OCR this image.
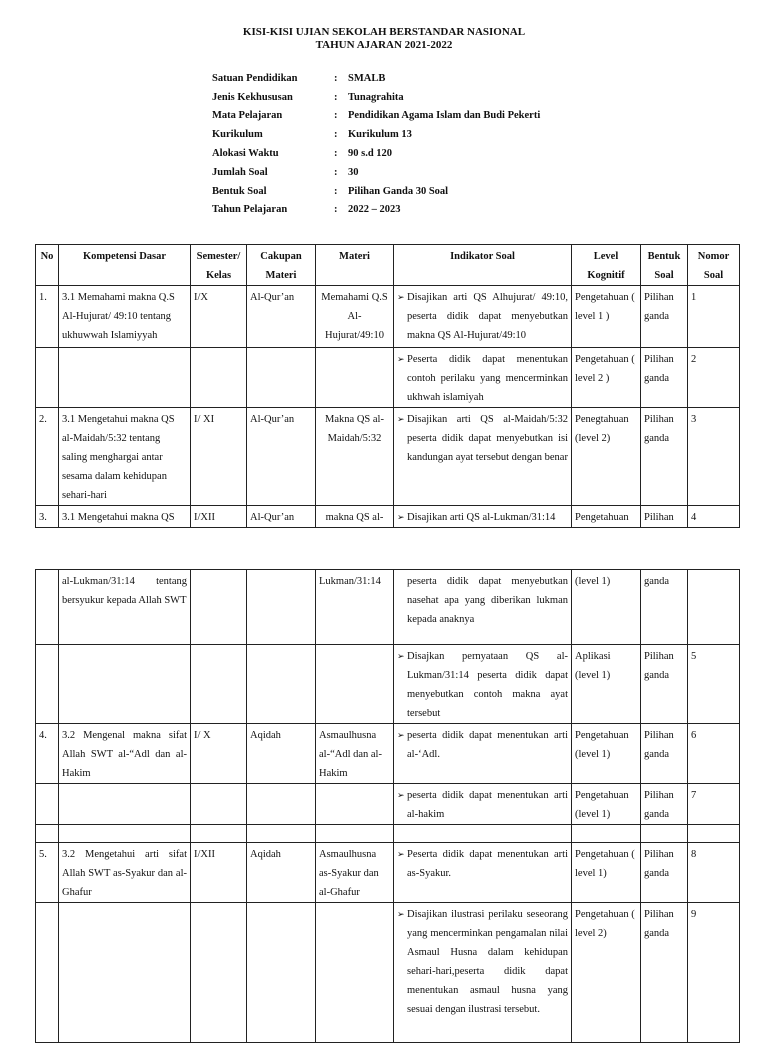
KISI-KISI UJIAN SEKOLAH BERSTANDAR NASIONAL
TAHUN AJARAN 2021-2022
Satuan Pendidikan	:	SMALB
Jenis Kekhususan	:	Tunagrahita
Mata Pelajaran	:	Pendidikan Agama Islam dan Budi Pekerti
Kurikulum	:	Kurikulum 13
Alokasi Waktu	:	90 s.d 120
Jumlah Soal	:	30
Bentuk Soal	:	Pilihan Ganda 30 Soal
Tahun Pelajaran	:	2022 – 2023
No	Kompetensi Dasar	Semester/ Kelas	Cakupan Materi	Materi	Indikator Soal	Level Kognitif	Bentuk Soal	Nomor Soal
1.	3.1 Memahami makna Q.S Al-Hujurat/ 49:10 tentang ukhuwwah Islamiyyah	I/X	Al-Qur’an	Memahami Q.S Al-Hujurat/49:10	➢ Disajikan arti QS Alhujurat/ 49:10, peserta didik dapat menyebutkan makna QS Al-Hujurat/49:10	Pengetahuan ( level 1 )	Pilihan ganda	1

					➢ Peserta didik dapat menentukan contoh perilaku yang mencerminkan ukhwah islamiyah	Pengetahuan ( level 2 )	Pilihan ganda	2
2.	3.1 Mengetahui makna QS al-Maidah/5:32 tentang saling menghargai antar sesama dalam kehidupan sehari-hari	I/ XI	Al-Qur’an	Makna QS al-Maidah/5:32	➢ Disajikan arti QS al-Maidah/5:32 peserta didik dapat menyebutkan isi kandungan ayat tersebut dengan benar	Penegtahuan (level 2)	Pilihan ganda	3
3.	3.1 Mengetahui makna QS	I/XII	Al-Qur’an	makna QS al-	➢ Disajikan arti QS al-Lukman/31:14	Pengetahuan	Pilihan	4
	al-Lukman/31:14 tentang bersyukur kepada Allah SWT			Lukman/31:14	peserta didik dapat menyebutkan nasehat apa yang diberikan lukman kepada anaknya	(level 1)	ganda	

					➢ Disajkan pernyataan QS al-Lukman/31:14 peserta didik dapat menyebutkan contoh makna ayat tersebut	Aplikasi (level 1)	Pilihan ganda	5
4.	3.2 Mengenal makna sifat Allah SWT al-“Adl dan al-Hakim	I/ X	Aqidah	Asmaulhusna al-“Adl dan al-Hakim	➢ peserta didik dapat menentukan arti al-‘Adl.	Pengetahuan (level 1)	Pilihan ganda	6

					➢ peserta didik dapat menentukan arti al-hakim	Pengetahuan (level 1)	Pilihan ganda	7

5.	3.2 Mengetahui arti sifat Allah SWT as-Syakur dan al-Ghafur	I/XII	Aqidah	Asmaulhusna as-Syakur dan al-Ghafur	➢ Peserta didik dapat menentukan arti as-Syakur.	Pengetahuan ( level 1)	Pilihan ganda	8

					➢ Disajikan ilustrasi perilaku seseorang yang mencerminkan pengamalan nilai Asmaul Husna dalam kehidupan sehari-hari,peserta didik dapat menentukan asmaul husna yang sesuai dengan ilustrasi tersebut.	Pengetahuan ( level 2)	Pilihan ganda	9
